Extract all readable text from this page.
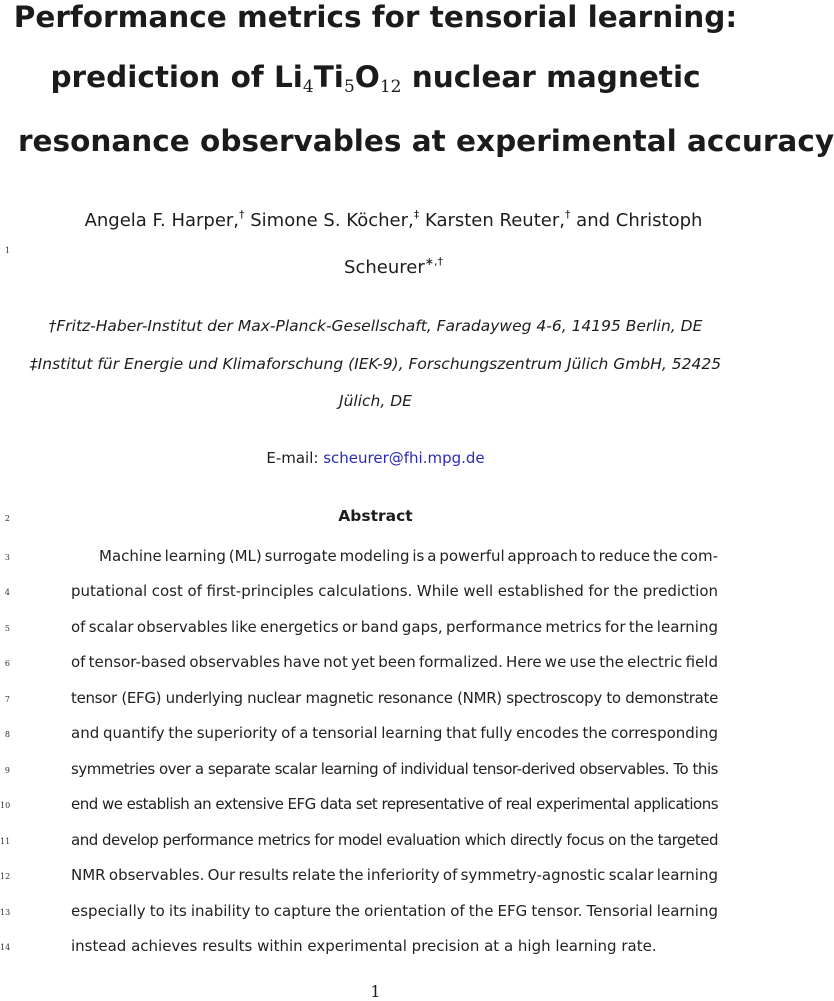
Performance metrics for tensorial learning:
prediction of $Li_4Ti_5O_{12}$ nuclear magnetic
resonance observables at experimental accuracy
Angela F. Harper,† Simone S. Köcher,‡ Karsten Reuter,† and Christoph
Scheurer∗,†
†Fritz-Haber-Institut der Max-Planck-Gesellschaft, Faradayweg 4-6, 14195 Berlin, DE
‡Institut für Energie und Klimaforschung (IEK-9), Forschungszentrum Jülich GmbH, 52425
Jülich, DE
E-mail: scheurer@fhi.mpg.de
1
2
3
4
5
6
7
8
9
10
11
12
13
14
Abstract
Machine learning (ML) surrogate modeling is a powerful approach to reduce the com-
putational cost of first-principles calculations. While well established for the prediction
of scalar observables like energetics or band gaps, performance metrics for the learning
of tensor-based observables have not yet been formalized. Here we use the electric field
tensor (EFG) underlying nuclear magnetic resonance (NMR) spectroscopy to demonstrate
and quantify the superiority of a tensorial learning that fully encodes the corresponding
symmetries over a separate scalar learning of individual tensor-derived observables. To this
end we establish an extensive EFG data set representative of real experimental applications
and develop performance metrics for model evaluation which directly focus on the targeted
NMR observables. Our results relate the inferiority of symmetry-agnostic scalar learning
especially to its inability to capture the orientation of the EFG tensor. Tensorial learning
instead achieves results within experimental precision at a high learning rate.
1
